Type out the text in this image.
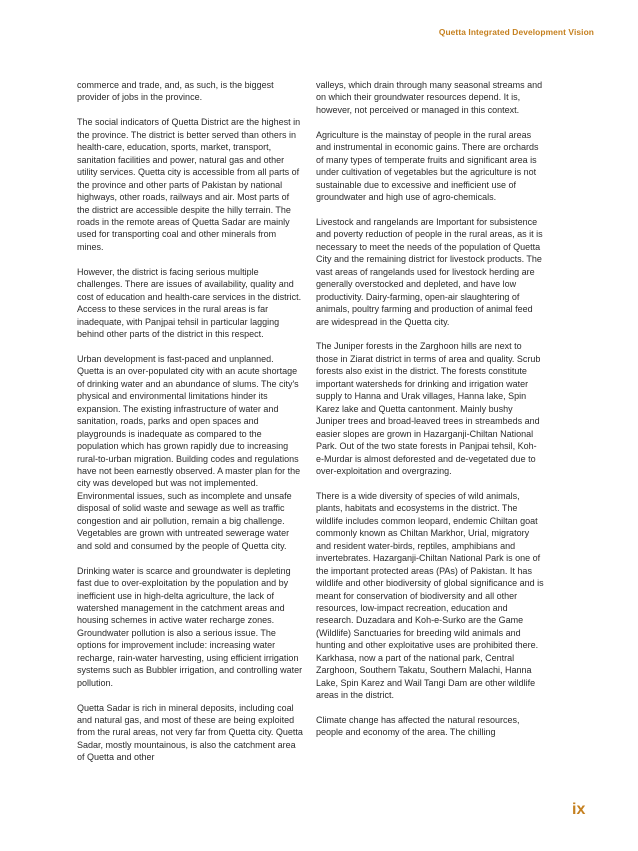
Quetta Integrated Development Vision

commerce and trade, and, as such, is the biggest provider of jobs in the province.

The social indicators of Quetta District are the highest in the province. The district is better served than others in health-care, education, sports, market, transport, sanitation facilities and power, natural gas and other utility services. Quetta city is accessible from all parts of the province and other parts of Pakistan by national highways, other roads, railways and air. Most parts of the district are accessible despite the hilly terrain. The roads in the remote areas of Quetta Sadar are mainly used for transporting coal and other minerals from mines.

However, the district is facing serious multiple challenges. There are issues of availability, quality and cost of education and health-care services in the district. Access to these services in the rural areas is far inadequate, with Panjpai tehsil in particular lagging behind other parts of the district in this respect.

Urban development is fast-paced and unplanned. Quetta is an over-populated city with an acute shortage of drinking water and an abundance of slums. The city's physical and environmental limitations hinder its expansion. The existing infrastructure of water and sanitation, roads, parks and open spaces and playgrounds is inadequate as compared to the population which has grown rapidly due to increasing rural-to-urban migration. Building codes and regulations have not been earnestly observed. A master plan for the city was developed but was not implemented. Environmental issues, such as incomplete and unsafe disposal of solid waste and sewage as well as traffic congestion and air pollution, remain a big challenge. Vegetables are grown with untreated sewerage water and sold and consumed by the people of Quetta city.

Drinking water is scarce and groundwater is depleting fast due to over-exploitation by the population and by inefficient use in high-delta agriculture, the lack of watershed management in the catchment areas and housing schemes in active water recharge zones. Groundwater pollution is also a serious issue. The options for improvement include: increasing water recharge, rain-water harvesting, using efficient irrigation systems such as Bubbler irrigation, and controlling water pollution.

Quetta Sadar is rich in mineral deposits, including coal and natural gas, and most of these are being exploited from the rural areas, not very far from Quetta city. Quetta Sadar, mostly mountainous, is also the catchment area of Quetta and other

valleys, which drain through many seasonal streams and on which their groundwater resources depend. It is, however, not perceived or managed in this context.

Agriculture is the mainstay of people in the rural areas and instrumental in economic gains. There are orchards of many types of temperate fruits and significant area is under cultivation of vegetables but the agriculture is not sustainable due to excessive and inefficient use of groundwater and high use of agro-chemicals.

Livestock and rangelands are Important for subsistence and poverty reduction of people in the rural areas, as it is necessary to meet the needs of the population of Quetta City and the remaining district for livestock products. The vast areas of rangelands used for livestock herding are generally overstocked and depleted, and have low productivity. Dairy-farming, open-air slaughtering of animals, poultry farming and production of animal feed are widespread in the Quetta city.

The Juniper forests in the Zarghoon hills are next to those in Ziarat district in terms of area and quality. Scrub forests also exist in the district. The forests constitute important watersheds for drinking and irrigation water supply to Hanna and Urak villages, Hanna lake, Spin Karez lake and Quetta cantonment. Mainly bushy Juniper trees and broad-leaved trees in streambeds and easier slopes are grown in Hazarganji-Chiltan National Park. Out of the two state forests in Panjpai tehsil, Koh-e-Murdar is almost deforested and de-vegetated due to over-exploitation and overgrazing.

There is a wide diversity of species of wild animals, plants, habitats and ecosystems in the district. The wildlife includes common leopard, endemic Chiltan goat commonly known as Chiltan Markhor, Urial, migratory and resident water-birds, reptiles, amphibians and invertebrates. Hazarganji-Chiltan National Park is one of the important protected areas (PAs) of Pakistan. It has wildlife and other biodiversity of global significance and is meant for conservation of biodiversity and all other resources, low-impact recreation, education and research. Duzadara and Koh-e-Surko are the Game (Wildlife) Sanctuaries for breeding wild animals and hunting and other exploitative uses are prohibited there. Karkhasa, now a part of the national park, Central Zarghoon, Southern Takatu, Southern Malachi, Hanna Lake, Spin Karez and Wail Tangi Dam are other wildlife areas in the district.

Climate change has affected the natural resources, people and economy of the area. The chilling

ix
